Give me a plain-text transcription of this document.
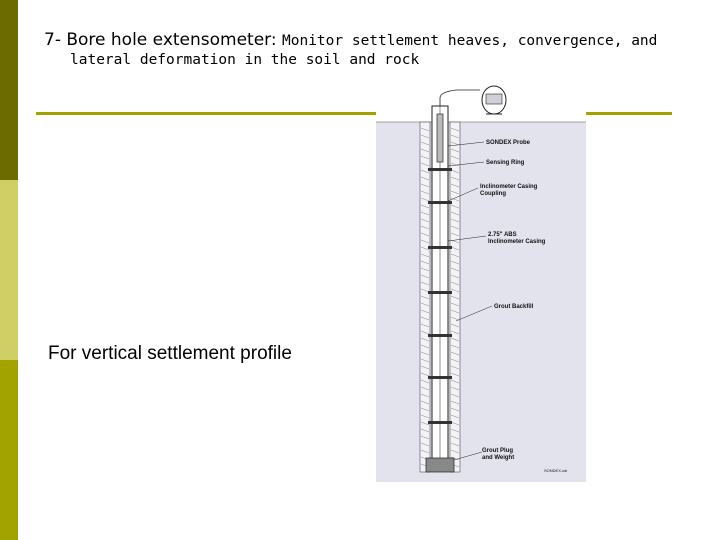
7- Bore hole extensometer: Monitor settlement heaves, convergence, and
lateral deformation in the soil and rock
For vertical settlement profile
SONDEX Probe
Sensing Ring
Inclinometer Casing
Coupling
2.75" ABS
Inclinometer Casing
Grout Backfill
Grout Plug
and Weight
SONDEX.cdr
